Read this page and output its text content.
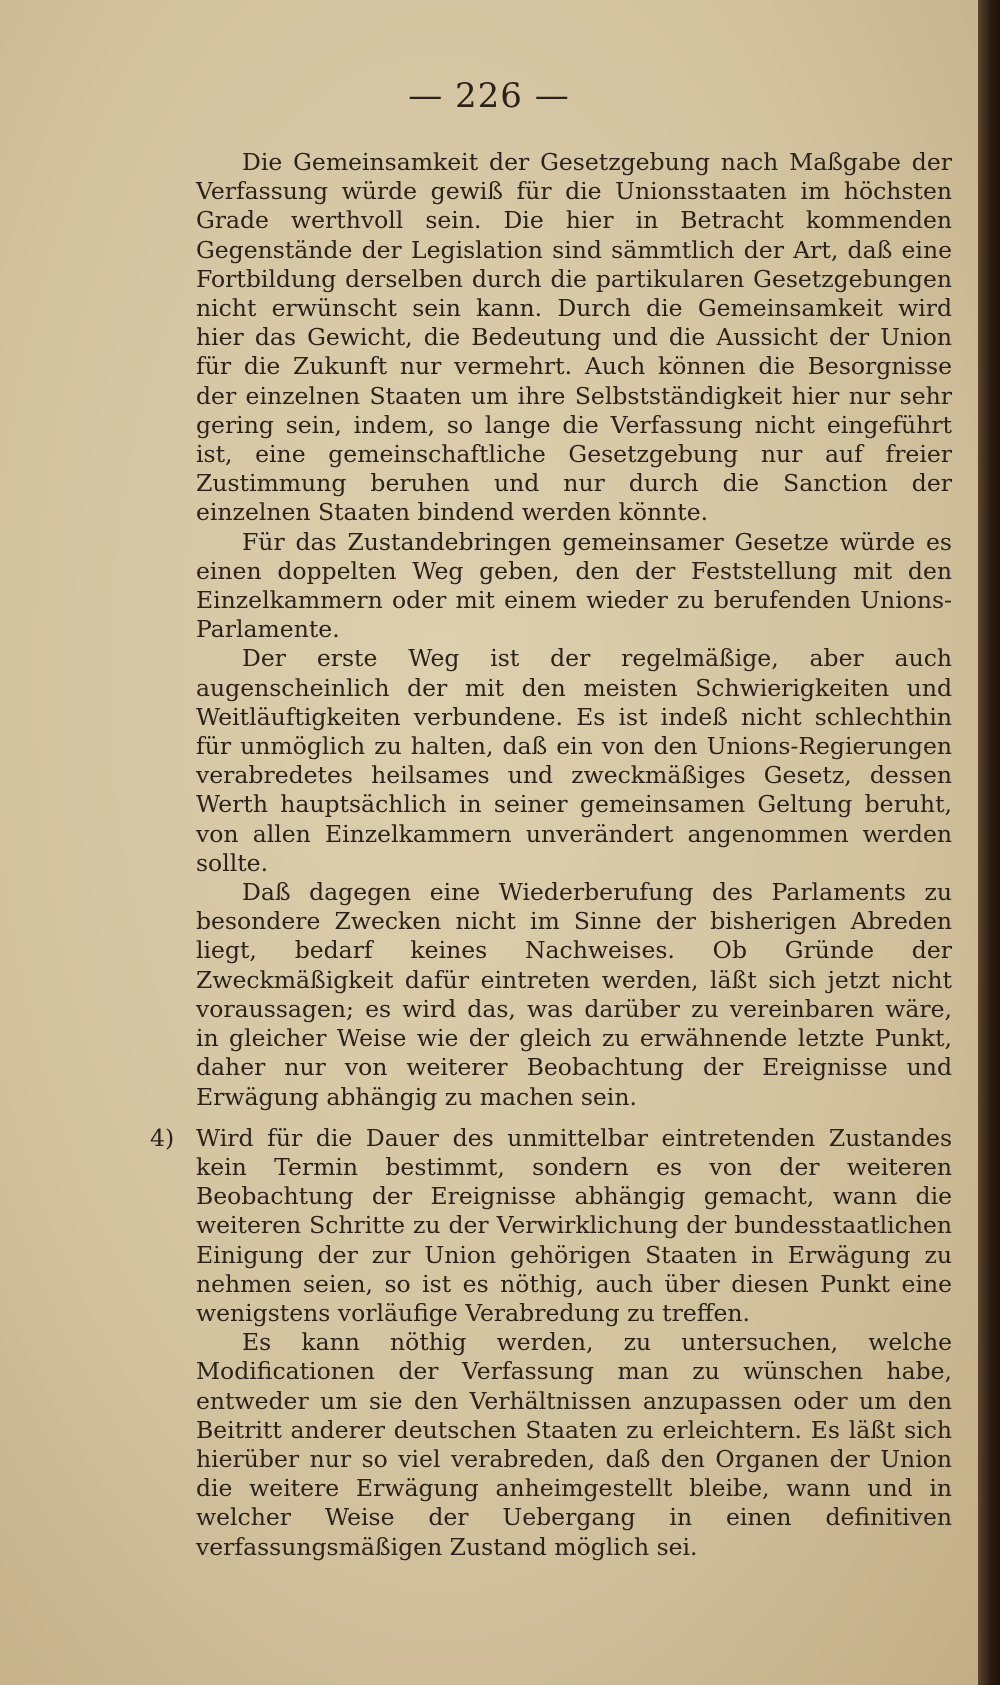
— 226 —

Die Gemeinsamkeit der Gesetzgebung nach Maßgabe der Verfassung würde gewiß für die Unionsstaaten im höchsten Grade werthvoll sein. Die hier in Betracht kommenden Gegenstände der Legislation sind sämmtlich der Art, daß eine Fortbildung derselben durch die partikularen Gesetzgebungen nicht erwünscht sein kann. Durch die Gemeinsamkeit wird hier das Gewicht, die Bedeutung und die Aussicht der Union für die Zukunft nur vermehrt. Auch können die Besorgnisse der einzelnen Staaten um ihre Selbstständigkeit hier nur sehr gering sein, indem, so lange die Verfassung nicht eingeführt ist, eine gemeinschaftliche Gesetzgebung nur auf freier Zustimmung beruhen und nur durch die Sanction der einzelnen Staaten bindend werden könnte.

Für das Zustandebringen gemeinsamer Gesetze würde es einen doppelten Weg geben, den der Feststellung mit den Einzelkammern oder mit einem wieder zu berufenden Unions-Parlamente.

Der erste Weg ist der regelmäßige, aber auch augenscheinlich der mit den meisten Schwierigkeiten und Weitläuftigkeiten verbundene. Es ist indeß nicht schlechthin für unmöglich zu halten, daß ein von den Unions-Regierungen verabredetes heilsames und zweckmäßiges Gesetz, dessen Werth hauptsächlich in seiner gemeinsamen Geltung beruht, von allen Einzelkammern unverändert angenommen werden sollte.

Daß dagegen eine Wiederberufung des Parlaments zu besondere Zwecken nicht im Sinne der bisherigen Abreden liegt, bedarf keines Nachweises. Ob Gründe der Zweckmäßigkeit dafür eintreten werden, läßt sich jetzt nicht voraussagen; es wird das, was darüber zu vereinbaren wäre, in gleicher Weise wie der gleich zu erwähnende letzte Punkt, daher nur von weiterer Beobachtung der Ereignisse und Erwägung abhängig zu machen sein.

4) Wird für die Dauer des unmittelbar eintretenden Zustandes kein Termin bestimmt, sondern es von der weiteren Beobachtung der Ereignisse abhängig gemacht, wann die weiteren Schritte zu der Verwirklichung der bundesstaatlichen Einigung der zur Union gehörigen Staaten in Erwägung zu nehmen seien, so ist es nöthig, auch über diesen Punkt eine wenigstens vorläufige Verabredung zu treffen.

Es kann nöthig werden, zu untersuchen, welche Modificationen der Verfassung man zu wünschen habe, entweder um sie den Verhältnissen anzupassen oder um den Beitritt anderer deutschen Staaten zu erleichtern. Es läßt sich hierüber nur so viel verabreden, daß den Organen der Union die weitere Erwägung anheimgestellt bleibe, wann und in welcher Weise der Uebergang in einen definitiven verfassungsmäßigen Zustand möglich sei.
